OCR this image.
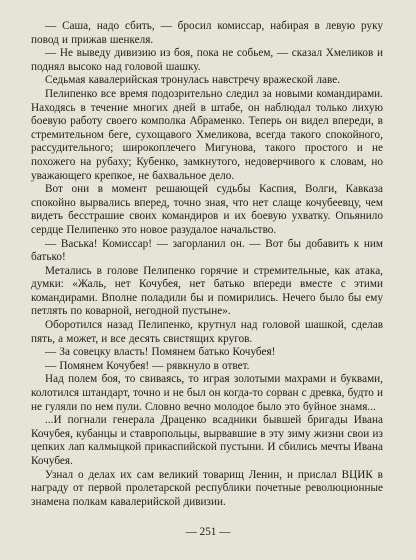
— Саша, надо сбить, — бросил комиссар, набирая в левую руку повод и прижав шенкеля.

— Не выведу дивизию из боя, пока не собьем, — сказал Хмеликов и поднял высоко над головой шашку.

Седьмая кавалерийская тронулась навстречу вражеской лаве.

Пелипенко все время подозрительно следил за новыми командирами. Находясь в течение многих дней в штабе, он наблюдал только лихую боевую работу своего комполка Абраменко. Теперь он видел впереди, в стремительном беге, сухощавого Хмеликова, всегда такого спокойного, рассудительного; широкоплечего Мигунова, такого простого и не похожего на рубаху; Кубенко, замкнутого, недоверчивого к словам, но уважающего крепкое, не бахвальное дело.

Вот они в момент решающей судьбы Каспия, Волги, Кавказа спокойно вырвались вперед, точно зная, что нет слаще кочубеевцу, чем видеть бесстрашие своих командиров и их боевую ухватку. Опьянило сердце Пелипенко это новое разудалое начальство.

— Васька! Комиссар! — загорланил он. — Вот бы добавить к ним батько!

Метались в голове Пелипенко горячие и стремительные, как атака, думки: «Жаль, нет Кочубея, нет батько впереди вместе с этими командирами. Вполне поладили бы и помирились. Нечего было бы ему петлять по коварной, негодной пустыне».

Оборотился назад Пелипенко, крутнул над головой шашкой, сделав пять, а может, и все десять свистящих кругов.

— За совецку власть! Помянем батько Кочубея!

— Помянем Кочубея! — рявкнуло в ответ.

Над полем боя, то свиваясь, то играя золотыми махрами и буквами, колотился штандарт, точно и не был он когда-то сорван с древка, будто и не гуляли по нем пули. Словно вечно молодое было это буйное знамя...

...И погнали генерала Драценко всадники бывшей бригады Ивана Кочубея, кубанцы и ставропольцы, вырвавшие в эту зиму жизни свои из цепких лап калмыцкой прикаспийской пустыни. И сбились мечты Ивана Кочубея.

Узнал о делах их сам великий товарищ Ленин, и прислал ВЦИК в награду от первой пролетарской республики почетные революционные знамена полкам кавалерийской дивизии.

— 251 —
